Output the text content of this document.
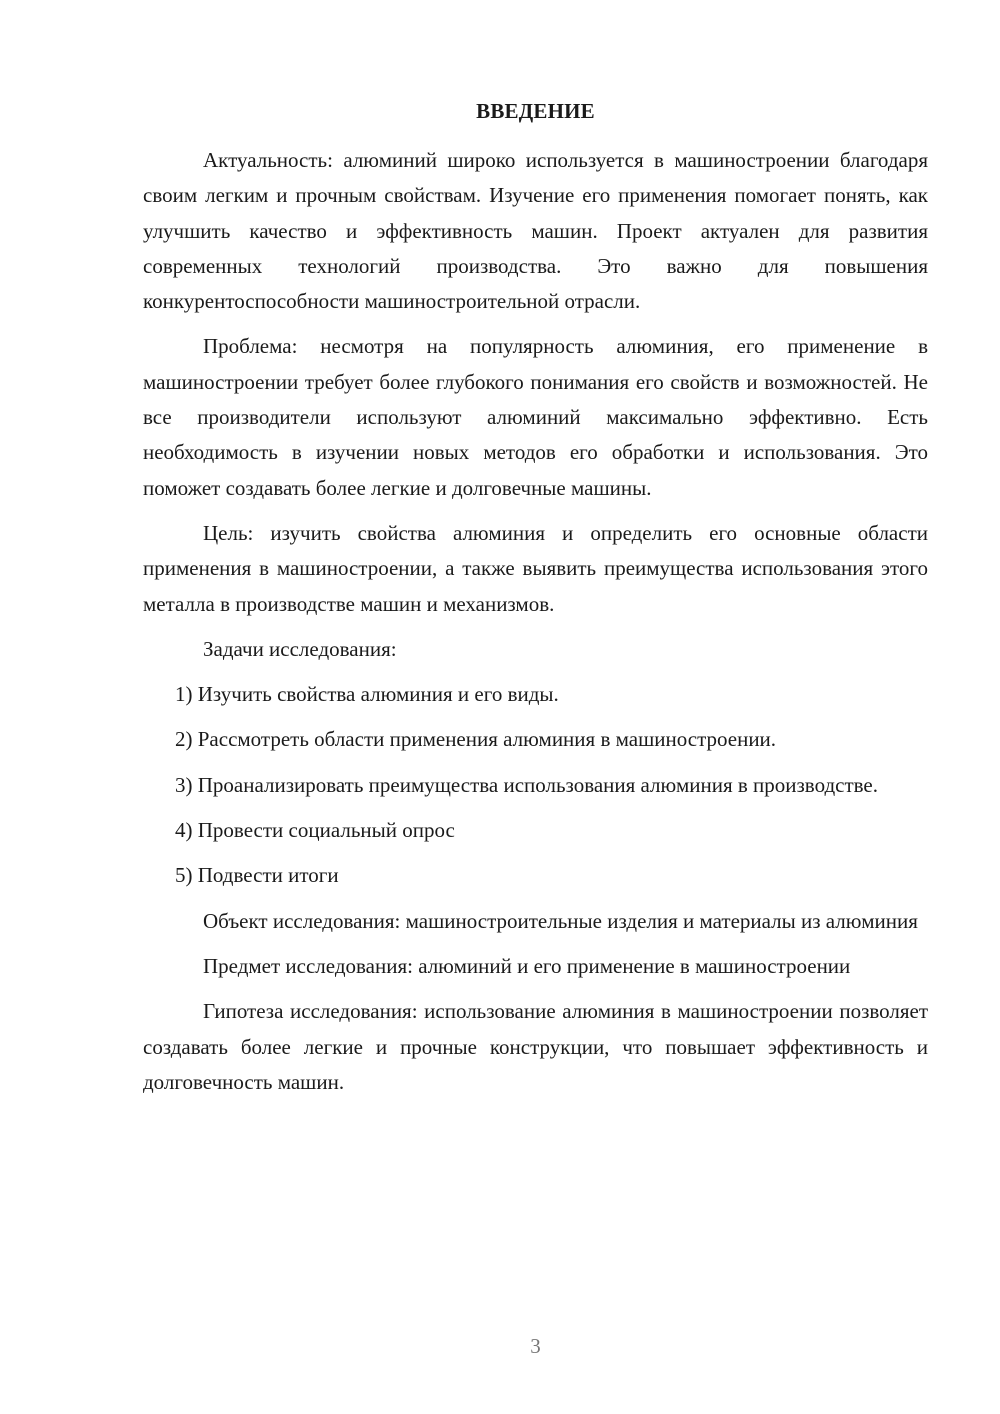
ВВЕДЕНИЕ

Актуальность: алюминий широко используется в машиностроении благодаря своим легким и прочным свойствам. Изучение его применения помогает понять, как улучшить качество и эффективность машин. Проект актуален для развития современных технологий производства. Это важно для повышения конкурентоспособности машиностроительной отрасли.

Проблема: несмотря на популярность алюминия, его применение в машиностроении требует более глубокого понимания его свойств и возможностей. Не все производители используют алюминий максимально эффективно. Есть необходимость в изучении новых методов его обработки и использования. Это поможет создавать более легкие и долговечные машины.

Цель: изучить свойства алюминия и определить его основные области применения в машиностроении, а также выявить преимущества использования этого металла в производстве машин и механизмов.

Задачи исследования:

1) Изучить свойства алюминия и его виды.

2) Рассмотреть области применения алюминия в машиностроении.

3) Проанализировать преимущества использования алюминия в производстве.

4) Провести социальный опрос

5) Подвести итоги

Объект исследования: машиностроительные изделия и материалы из алюминия

Предмет исследования: алюминий и его применение в машиностроении

Гипотеза исследования: использование алюминия в машиностроении позволяет создавать более легкие и прочные конструкции, что повышает эффективность и долговечность машин.

3
